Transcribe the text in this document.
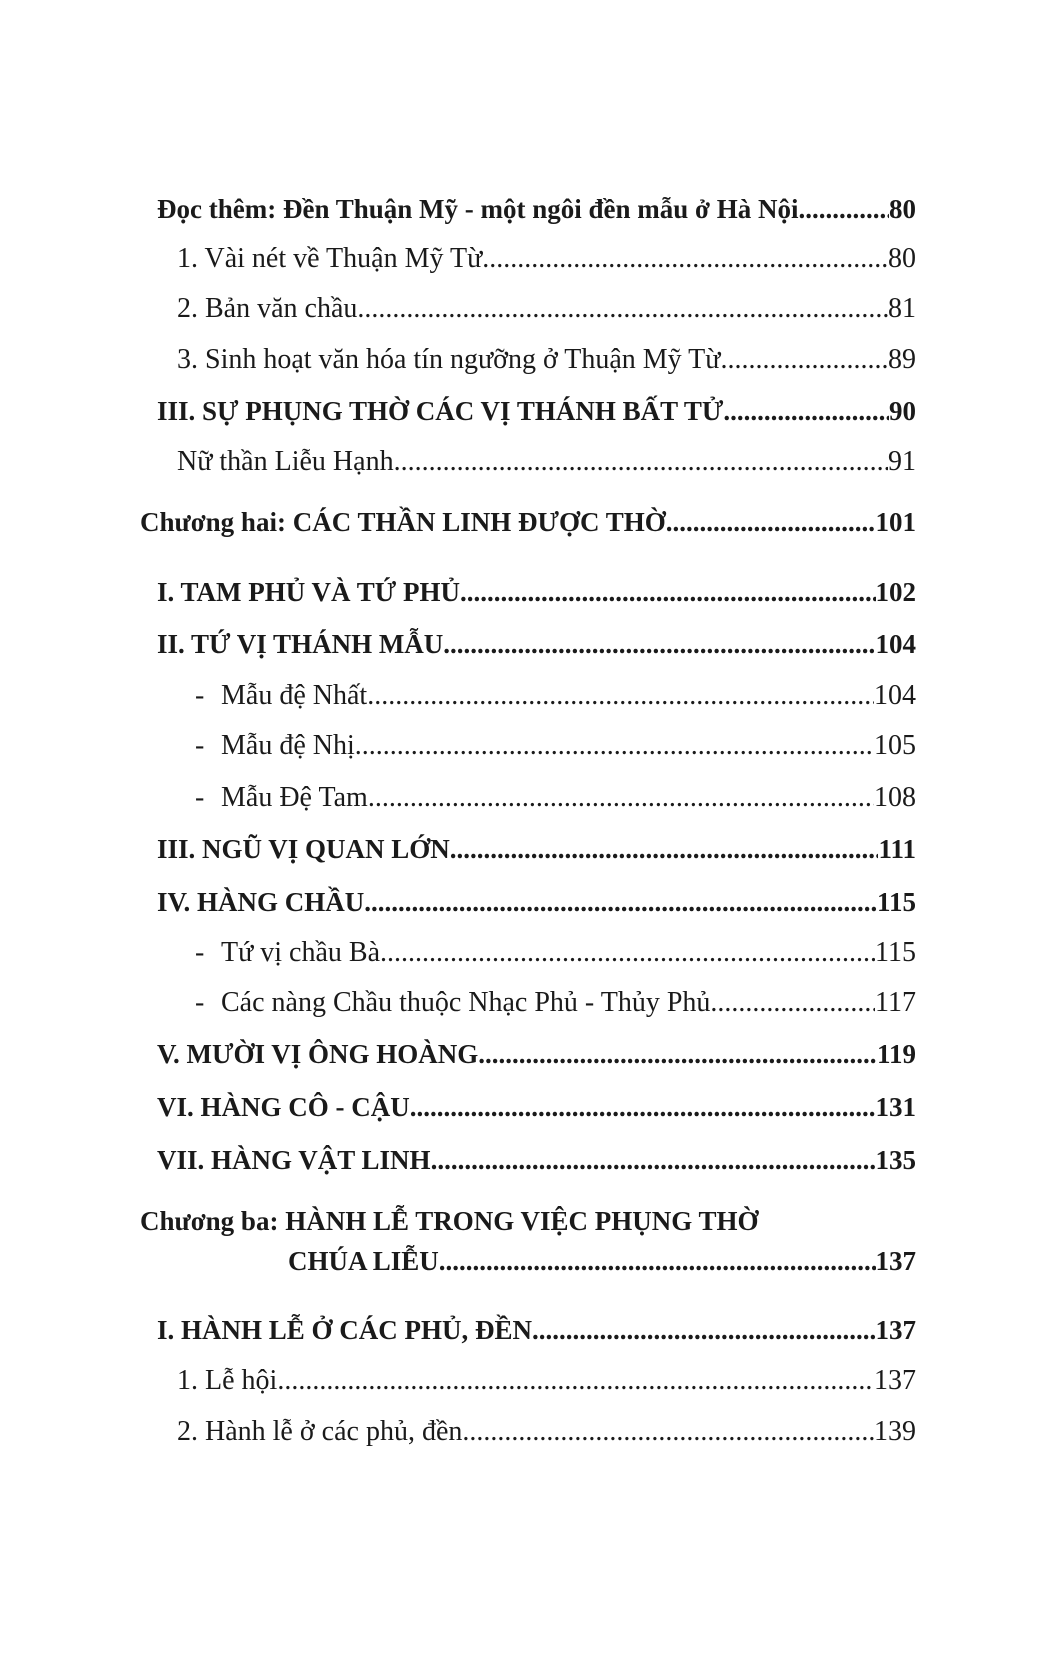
Đọc thêm: Đền Thuận Mỹ - một ngôi đền mẫu ở Hà Nội .....	80
1. Vài nét về Thuận Mỹ Từ .....	80
2. Bản văn chầu .....	81
3. Sinh hoạt văn hóa tín ngưỡng ở Thuận Mỹ Từ .....	89
III. SỰ PHỤNG THỜ CÁC VỊ THÁNH BẤT TỬ .....	90
Nữ thần Liễu Hạnh .....	91
Chương hai: CÁC THẦN LINH ĐƯỢC THỜ .....	101
I. TAM PHỦ VÀ TỨ PHỦ .....	102
II. TỨ VỊ THÁNH MẪU .....	104
- Mẫu đệ Nhất .....	104
- Mẫu đệ Nhị .....	105
- Mẫu Đệ Tam .....	108
III. NGŨ VỊ QUAN LỚN .....	111
IV. HÀNG CHẦU .....	115
- Tứ vị chầu Bà .....	115
- Các nàng Chầu thuộc Nhạc Phủ - Thủy Phủ .....	117
V. MƯỜI VỊ ÔNG HOÀNG .....	119
VI. HÀNG CÔ - CẬU .....	131
VII. HÀNG VẬT LINH .....	135
Chương ba: HÀNH LỄ TRONG VIỆC PHỤNG THỜ
CHÚA LIỄU .....	137
I. HÀNH LỄ Ở CÁC PHỦ, ĐỀN .....	137
1. Lễ hội .....	137
2. Hành lễ ở các phủ, đền .....	139
